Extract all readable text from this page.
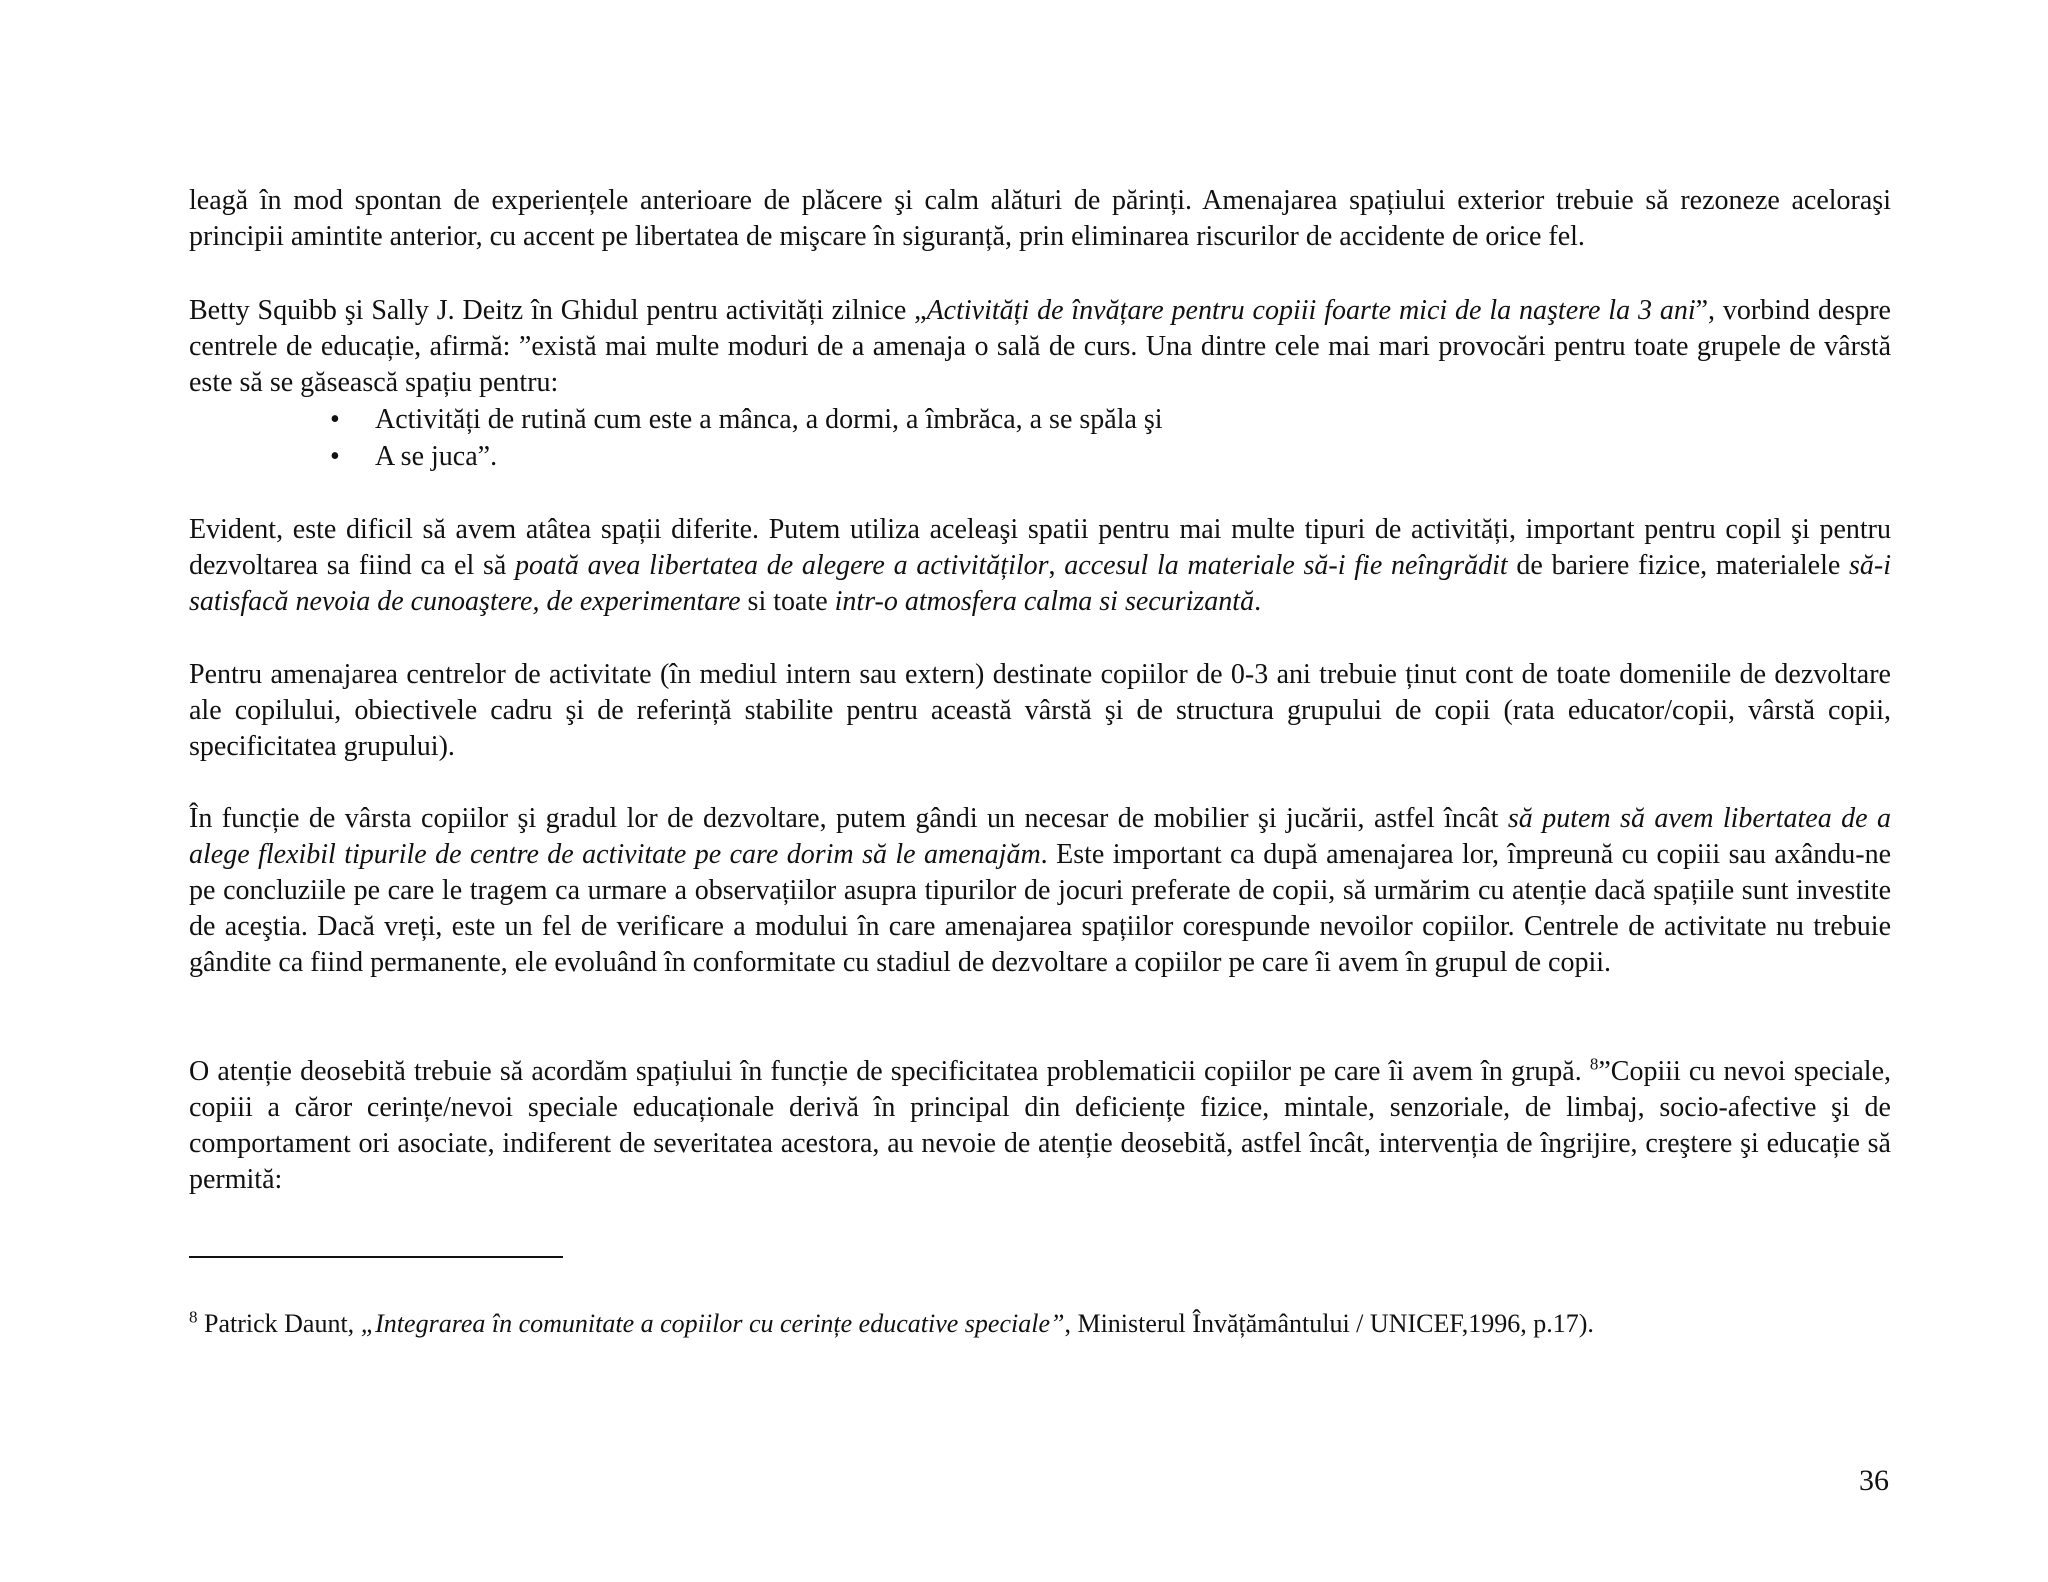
leagă în mod spontan de experiențele anterioare de plăcere şi calm alături de părinți. Amenajarea spațiului exterior trebuie să rezoneze aceloraşi principii amintite anterior, cu accent pe libertatea de mişcare în siguranță, prin eliminarea riscurilor de accidente de orice fel.

Betty Squibb şi Sally J. Deitz în Ghidul pentru activități zilnice „Activități de învățare pentru copiii foarte mici de la naştere la 3 ani”, vorbind despre centrele de educație, afirmă: ”există mai multe moduri de a amenaja o sală de curs. Una dintre cele mai mari provocări pentru toate grupele de vârstă este să se găsească spațiu pentru:

• Activități de rutină cum este a mânca, a dormi, a îmbrăca, a se spăla şi
• A se juca”.

Evident, este dificil să avem atâtea spații diferite. Putem utiliza aceleaşi spatii pentru mai multe tipuri de activități, important pentru copil şi pentru dezvoltarea sa fiind ca el să poată avea libertatea de alegere a activităților, accesul la materiale să-i fie neîngrădit de bariere fizice, materialele să-i satisfacă nevoia de cunoaştere, de experimentare si toate intr-o atmosfera calma si securizantă.

Pentru amenajarea centrelor de activitate (în mediul intern sau extern) destinate copiilor de 0-3 ani trebuie ținut cont de toate domeniile de dezvoltare ale copilului, obiectivele cadru şi de referință stabilite pentru această vârstă şi de structura grupului de copii (rata educator/copii, vârstă copii, specificitatea grupului).

În funcție de vârsta copiilor şi gradul lor de dezvoltare, putem gândi un necesar de mobilier şi jucării, astfel încât să putem să avem libertatea de a alege flexibil tipurile de centre de activitate pe care dorim să le amenajăm. Este important ca după amenajarea lor, împreună cu copiii sau axându-ne pe concluziile pe care le tragem ca urmare a observațiilor asupra tipurilor de jocuri preferate de copii, să urmărim cu atenție dacă spațiile sunt investite de aceştia. Dacă vreți, este un fel de verificare a modului în care amenajarea spațiilor corespunde nevoilor copiilor. Centrele de activitate nu trebuie gândite ca fiind permanente, ele evoluând în conformitate cu stadiul de dezvoltare a copiilor pe care îi avem în grupul de copii.

O atenție deosebită trebuie să acordăm spațiului în funcție de specificitatea problematicii copiilor pe care îi avem în grupă. $^8$”Copiii cu nevoi speciale, copiii a căror cerințe/nevoi speciale educaționale derivă în principal din deficiențe fizice, mintale, senzoriale, de limbaj, socio-afective şi de comportament ori asociate, indiferent de severitatea acestora, au nevoie de atenție deosebită, astfel încât, intervenția de îngrijire, creştere şi educație să permită:

$^8$ Patrick Daunt, „Integrarea în comunitate a copiilor cu cerințe educative speciale”, Ministerul Învățământului / UNICEF,1996, p.17).
36
